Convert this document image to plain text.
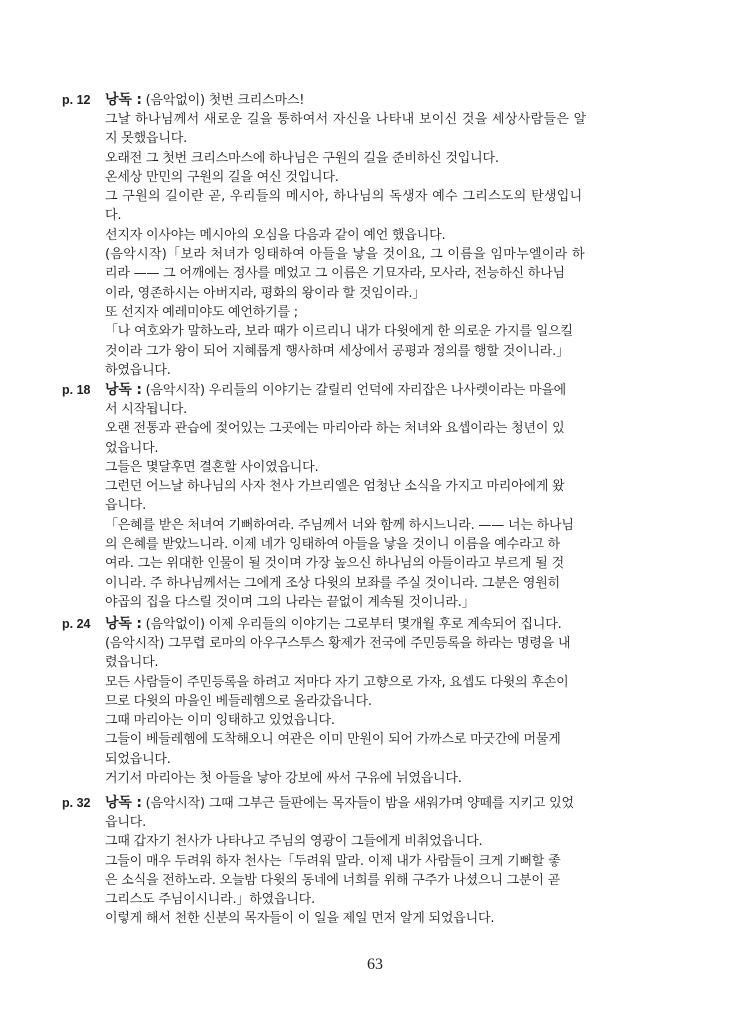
p. 12	낭독 : (음악없이) 첫번 크리스마스!
그날 하나님께서 새로운 길을 통하여서 자신을 나타내 보이신 것을 세상사람들은 알
지 못했읍니다.
오래전 그 첫번 크리스마스에 하나님은 구원의 길을 준비하신 것입니다.
온세상 만민의 구원의 길을 여신 것입니다.
그 구원의 길이란 곧, 우리들의 메시아, 하나님의 독생자 예수 그리스도의 탄생입니
다.
선지자 이사야는 메시아의 오심을 다음과 같이 예언 했읍니다.
(음악시작)「보라 처녀가 잉태하여 아들을 낳을 것이요, 그 이름을 임마누엘이라 하
리라 —— 그 어깨에는 정사를 메었고 그 이름은 기묘자라, 모사라, 전능하신 하나님
이라, 영존하시는 아버지라, 평화의 왕이라 할 것임이라.」
또 선지자 예레미야도 예언하기를 ;
「나 여호와가 말하노라, 보라 때가 이르리니 내가 다윗에게 한 의로운 가지를 일으킬
것이라 그가 왕이 되어 지혜롭게 행사하며 세상에서 공평과 정의를 행할 것이니라.」
하였읍니다.
p. 18	낭독 : (음악시작) 우리들의 이야기는 갈릴리 언덕에 자리잡은 나사렛이라는 마을에
서 시작됩니다.
오랜 전통과 관습에 젖어있는 그곳에는 마리아라 하는 처녀와 요셉이라는 청년이 있
었읍니다.
그들은 몇달후면 결혼할 사이였읍니다.
그런던 어느날 하나님의 사자 천사 가브리엘은 엄청난 소식을 가지고 마리아에게 왔
읍니다.
「은혜를 받은 처녀여 기뻐하여라. 주님께서 너와 함께 하시느니라. —— 너는 하나님
의 은혜를 받았느니라. 이제 네가 잉태하여 아들을 낳을 것이니 이름을 예수라고 하
여라. 그는 위대한 인물이 될 것이며 가장 높으신 하나님의 아들이라고 부르게 될 것
이니라. 주 하나님께서는 그에게 조상 다윗의 보좌를 주실 것이니라. 그분은 영원히
야곱의 집을 다스릴 것이며 그의 나라는 끝없이 계속될 것이니라.」
p. 24	낭독 : (음악없이) 이제 우리들의 이야기는 그로부터 몇개월 후로 계속되어 집니다.
(음악시작) 그무렵 로마의 아우구스투스 황제가 전국에 주민등록을 하라는 명령을 내
렸읍니다.
모든 사람들이 주민등록을 하려고 저마다 자기 고향으로 가자, 요셉도 다윗의 후손이
므로 다윗의 마을인 베들레헴으로 올라갔읍니다.
그때 마리아는 이미 잉태하고 있었읍니다.
그들이 베들레헴에 도착해오니 여관은 이미 만원이 되어 가까스로 마굿간에 머물게
되었읍니다.
거기서 마리아는 첫 아들을 낳아 강보에 싸서 구유에 뉘였읍니다.
p. 32	낭독 : (음악시작) 그때 그부근 들판에는 목자들이 밤을 새워가며 양떼를 지키고 있었
읍니다.
그때 갑자기 천사가 나타나고 주님의 영광이 그들에게 비취었읍니다.
그들이 매우 두려워 하자 천사는「두려워 말라. 이제 내가 사람들이 크게 기뻐할 좋
은 소식을 전하노라. 오늘밤 다윗의 동네에 너희를 위해 구주가 나셨으니 그분이 곧
그리스도 주님이시니라.」하였읍니다.
이렇게 해서 천한 신분의 목자들이 이 일을 제일 먼저 알게 되었읍니다.
63
